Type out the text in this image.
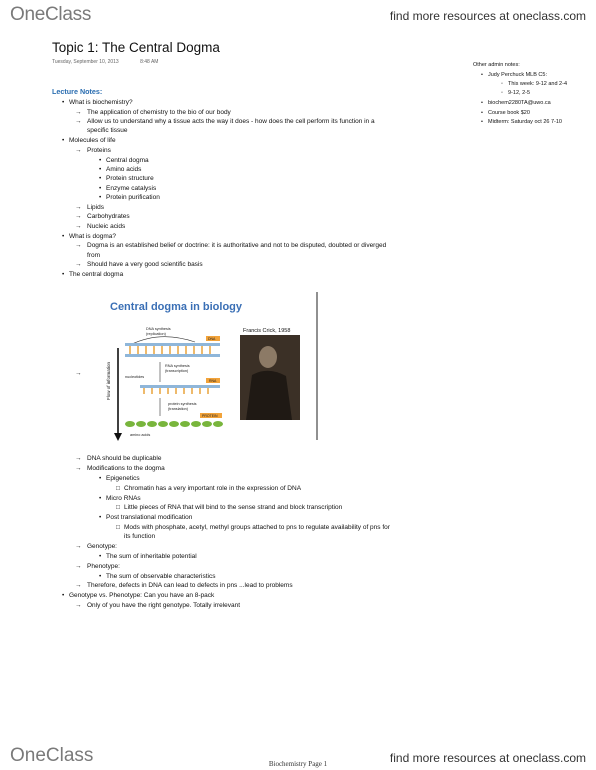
OneClass	find more resources at oneclass.com
Topic 1: The Central Dogma
Tuesday, September 10, 2013	8:48 AM	Other admin notes:
• Judy Perchuck MLB C5:
◦ This week: 9-12 and 2-4
◦ 9-12, 2-5
• biochem2280TA@uwo.ca
• Course book $20
• Midterm: Saturday oct 26 7-10
Lecture Notes:
• What is biochemistry?
→ The application of chemistry to the bio of our body
→ Allow us to understand why a tissue acts the way it does - how does the cell perform its function in a
specific tissue
• Molecules of life
→ Proteins
• Central dogma
• Amino acids
• Protein structure
• Enzyme catalysis
• Protein purification
→ Lipids
→ Carbohydrates
→ Nucleic acids
• What is dogma?
→ Dogma is an established belief or doctrine: it is authoritative and not to be disputed, doubted or diverged
from
→ Should have a very good scientific basis
• The central dogma
→
Central dogma in biology
Francis Crick, 1958
Flow of information
DNA synthesis
(replication)
DNA
nucleotides
RNA synthesis
(transcription)
RNA
protein synthesis
(translation)
PROTEIN
amino acids
→ DNA should be duplicable
→ Modifications to the dogma
• Epigenetics
□ Chromatin has a very important role in the expression of DNA
• Micro RNAs
□ Little pieces of RNA that will bind to the sense strand and block transcription
• Post translational modification
□ Mods with phosphate, acetyl, methyl groups attached to pns to regulate availability of pns for
its function
→ Genotype:
• The sum of inheritable potential
→ Phenotype:
• The sum of observable characteristics
→ Therefore, defects in DNA can lead to defects in pns ...lead to problems
• Genotype vs. Phenotype: Can you have an 8-pack
→ Only of you have the right genotype. Totally irrelevant
Biochemistry Page 1
OneClass	find more resources at oneclass.com
